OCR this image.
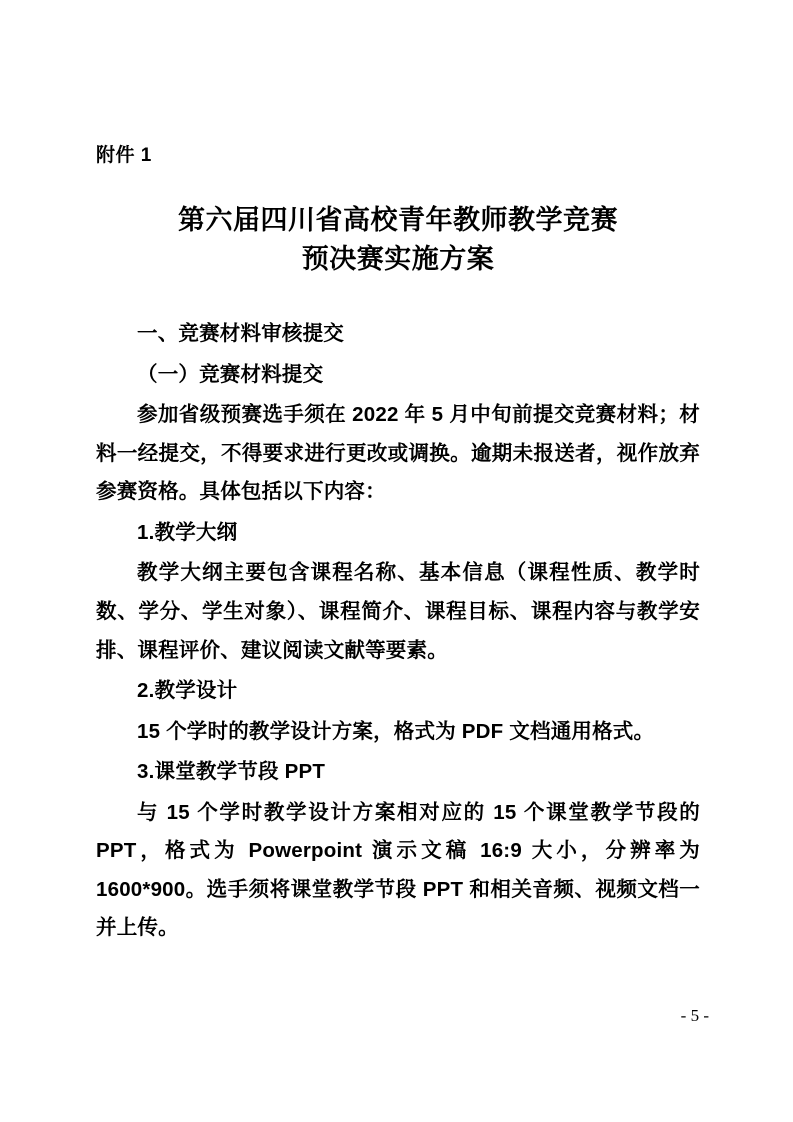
附件 1
第六届四川省高校青年教师教学竞赛
预决赛实施方案

一、竞赛材料审核提交

（一）竞赛材料提交

参加省级预赛选手须在 2022 年 5 月中旬前提交竞赛材料；材料一经提交，不得要求进行更改或调换。逾期未报送者，视作放弃参赛资格。具体包括以下内容：

1.教学大纲

教学大纲主要包含课程名称、基本信息（课程性质、教学时数、学分、学生对象）、课程简介、课程目标、课程内容与教学安排、课程评价、建议阅读文献等要素。

2.教学设计

15 个学时的教学设计方案，格式为 PDF 文档通用格式。

3.课堂教学节段 PPT

与 15 个学时教学设计方案相对应的 15 个课堂教学节段的 PPT，格式为 Powerpoint 演示文稿 16:9 大小，分辨率为 1600*900。选手须将课堂教学节段 PPT 和相关音频、视频文档一并上传。

- 5 -
